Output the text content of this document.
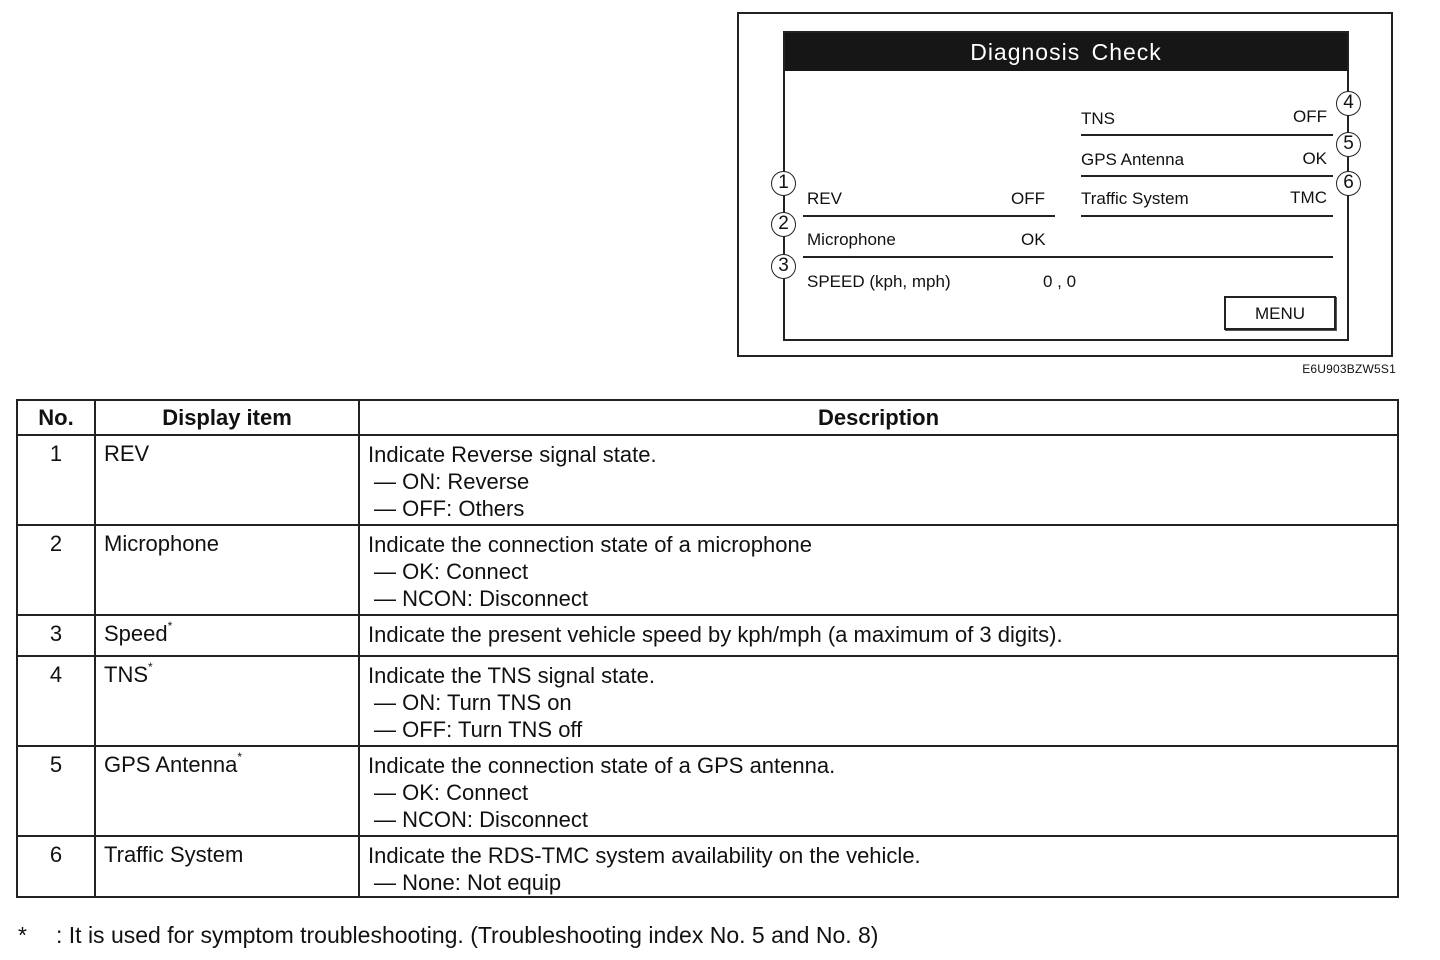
Diagnosis Check
TNS	OFF
GPS Antenna	OK
Traffic System	TMC
REV	OFF
Microphone	OK
SPEED (kph, mph)	0 , 0
MENU
1
2
3
4
5
6
E6U903BZW5S1
No.	Display item	Description
1	REV	Indicate Reverse signal state.
— ON: Reverse
— OFF: Others

2	Microphone	Indicate the connection state of a microphone
— OK: Connect
— NCON: Disconnect

3	Speed*	Indicate the present vehicle speed by kph/mph (a maximum of 3 digits).
4	TNS*	Indicate the TNS signal state.
— ON: Turn TNS on
— OFF: Turn TNS off

5	GPS Antenna*	Indicate the connection state of a GPS antenna.
— OK: Connect
— NCON: Disconnect

6	Traffic System	Indicate the RDS-TMC system availability on the vehicle.
— None: Not equip
* : It is used for symptom troubleshooting. (Troubleshooting index No. 5 and No. 8)
